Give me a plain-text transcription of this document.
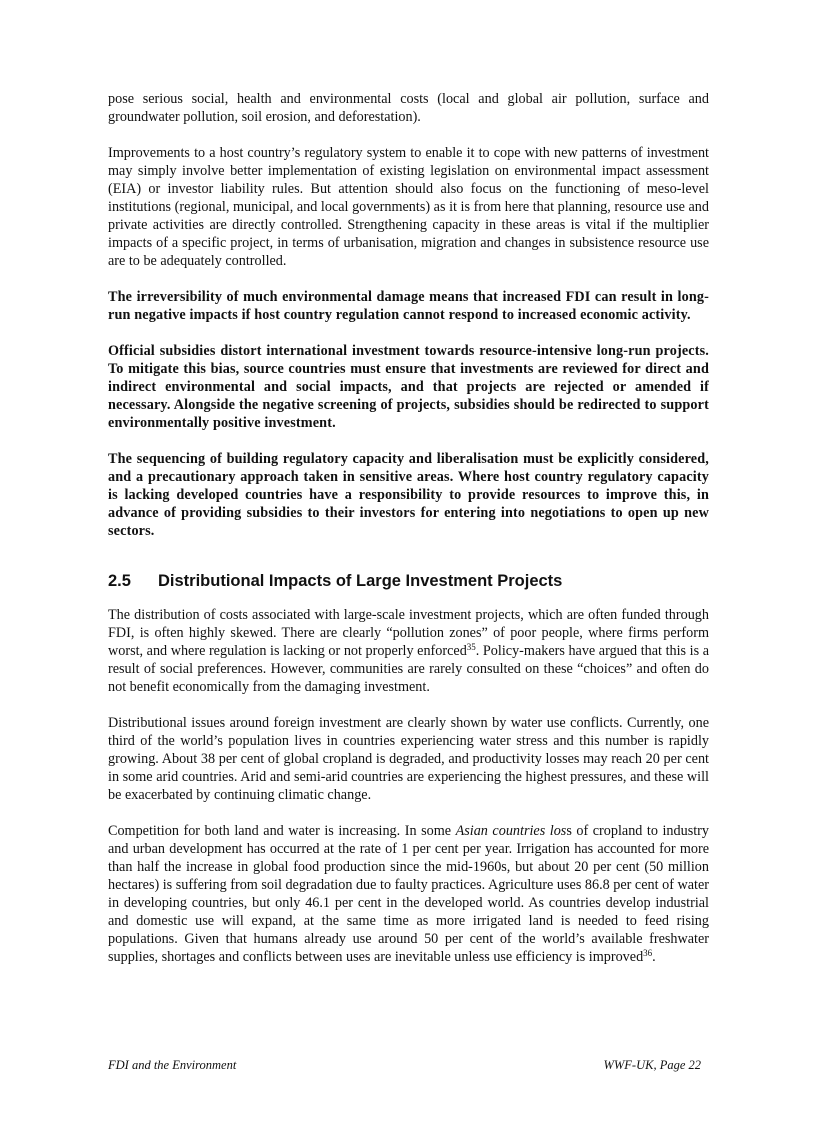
pose serious social, health and environmental costs (local and global air pollution, surface and groundwater pollution, soil erosion, and deforestation).

Improvements to a host country’s regulatory system to enable it to cope with new patterns of investment may simply involve better implementation of existing legislation on environmental impact assessment (EIA) or investor liability rules. But attention should also focus on the functioning of meso-level institutions (regional, municipal, and local governments) as it is from here that planning, resource use and private activities are directly controlled. Strengthening capacity in these areas is vital if the multiplier impacts of a specific project, in terms of urbanisation, migration and changes in subsistence resource use are to be adequately controlled.

The irreversibility of much environmental damage means that increased FDI can result in long-run negative impacts if host country regulation cannot respond to increased economic activity.

Official subsidies distort international investment towards resource-intensive long-run projects. To mitigate this bias, source countries must ensure that investments are reviewed for direct and indirect environmental and social impacts, and that projects are rejected or amended if necessary. Alongside the negative screening of projects, subsidies should be redirected to support environmentally positive investment.

The sequencing of building regulatory capacity and liberalisation must be explicitly considered, and a precautionary approach taken in sensitive areas. Where host country regulatory capacity is lacking developed countries have a responsibility to provide resources to improve this, in advance of providing subsidies to their investors for entering into negotiations to open up new sectors.

2.5	Distributional Impacts of Large Investment Projects

The distribution of costs associated with large-scale investment projects, which are often funded through FDI, is often highly skewed. There are clearly “pollution zones” of poor people, where firms perform worst, and where regulation is lacking or not properly enforced$^{35}$. Policy-makers have argued that this is a result of social preferences. However, communities are rarely consulted on these “choices” and often do not benefit economically from the damaging investment.

Distributional issues around foreign investment are clearly shown by water use conflicts. Currently, one third of the world’s population lives in countries experiencing water stress and this number is rapidly growing. About 38 per cent of global cropland is degraded, and productivity losses may reach 20 per cent in some arid countries. Arid and semi-arid countries are experiencing the highest pressures, and these will be exacerbated by continuing climatic change.

Competition for both land and water is increasing. In some Asian countries loss of cropland to industry and urban development has occurred at the rate of 1 per cent per year. Irrigation has accounted for more than half the increase in global food production since the mid-1960s, but about 20 per cent (50 million hectares) is suffering from soil degradation due to faulty practices. Agriculture uses 86.8 per cent of water in developing countries, but only 46.1 per cent in the developed world. As countries develop industrial and domestic use will expand, at the same time as more irrigated land is needed to feed rising populations. Given that humans already use around 50 per cent of the world’s available freshwater supplies, shortages and conflicts between uses are inevitable unless use efficiency is improved$^{36}$.

FDI and the Environment	WWF-UK, Page 22
